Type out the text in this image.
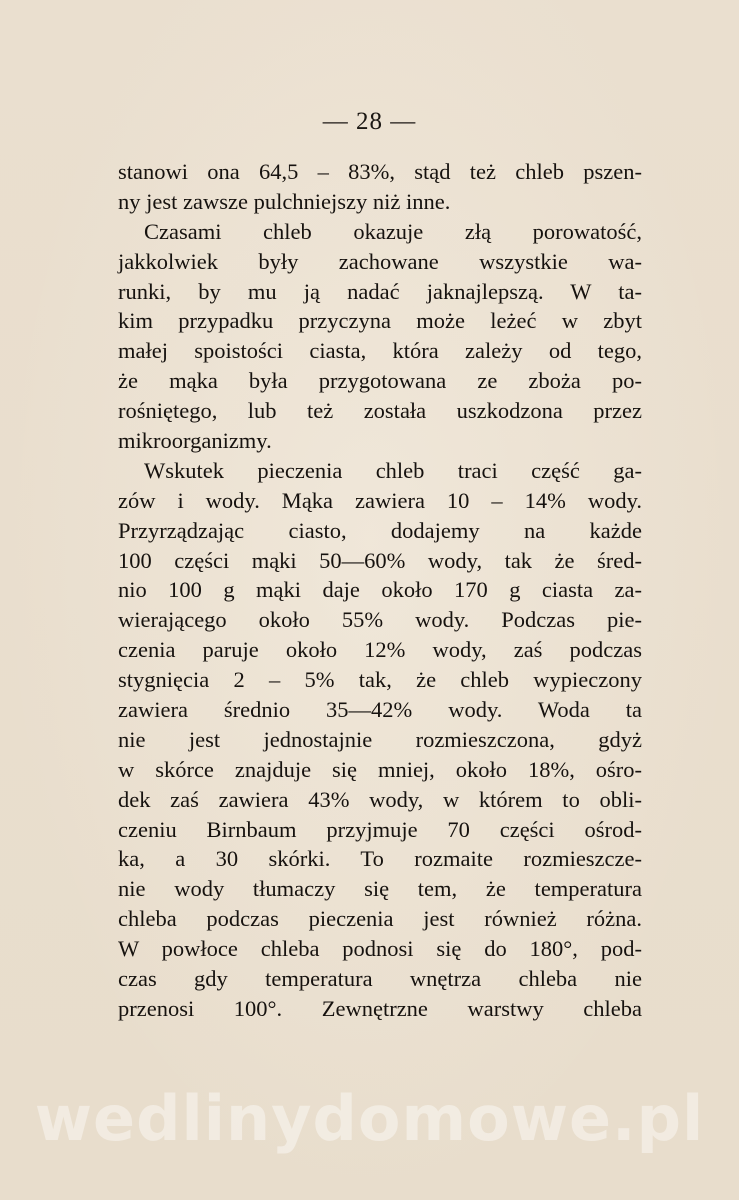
— 28 —
stanowi ona 64,5 – 83%, stąd też chleb pszen-
ny jest zawsze pulchniejszy niż inne.
Czasami chleb okazuje złą porowatość,
jakkolwiek były zachowane wszystkie wa-
runki, by mu ją nadać jaknajlepszą. W ta-
kim przypadku przyczyna może leżeć w zbyt
małej spoistości ciasta, która zależy od tego,
że mąka była przygotowana ze zboża po-
rośniętego, lub też została uszkodzona przez
mikroorganizmy.
Wskutek pieczenia chleb traci część ga-
zów i wody. Mąka zawiera 10 – 14% wody.
Przyrządzając ciasto, dodajemy na każde
100 części mąki 50—60% wody, tak że śred-
nio 100 g mąki daje około 170 g ciasta za-
wierającego około 55% wody. Podczas pie-
czenia paruje około 12% wody, zaś podczas
stygnięcia 2 – 5% tak, że chleb wypieczony
zawiera średnio 35—42% wody. Woda ta
nie jest jednostajnie rozmieszczona, gdyż
w skórce znajduje się mniej, około 18%, ośro-
dek zaś zawiera 43% wody, w którem to obli-
czeniu Birnbaum przyjmuje 70 części ośrod-
ka, a 30 skórki. To rozmaite rozmieszcze-
nie wody tłumaczy się tem, że temperatura
chleba podczas pieczenia jest również różna.
W powłoce chleba podnosi się do 180°, pod-
czas gdy temperatura wnętrza chleba nie
przenosi 100°. Zewnętrzne warstwy chleba
wedlinydomowe.pl
